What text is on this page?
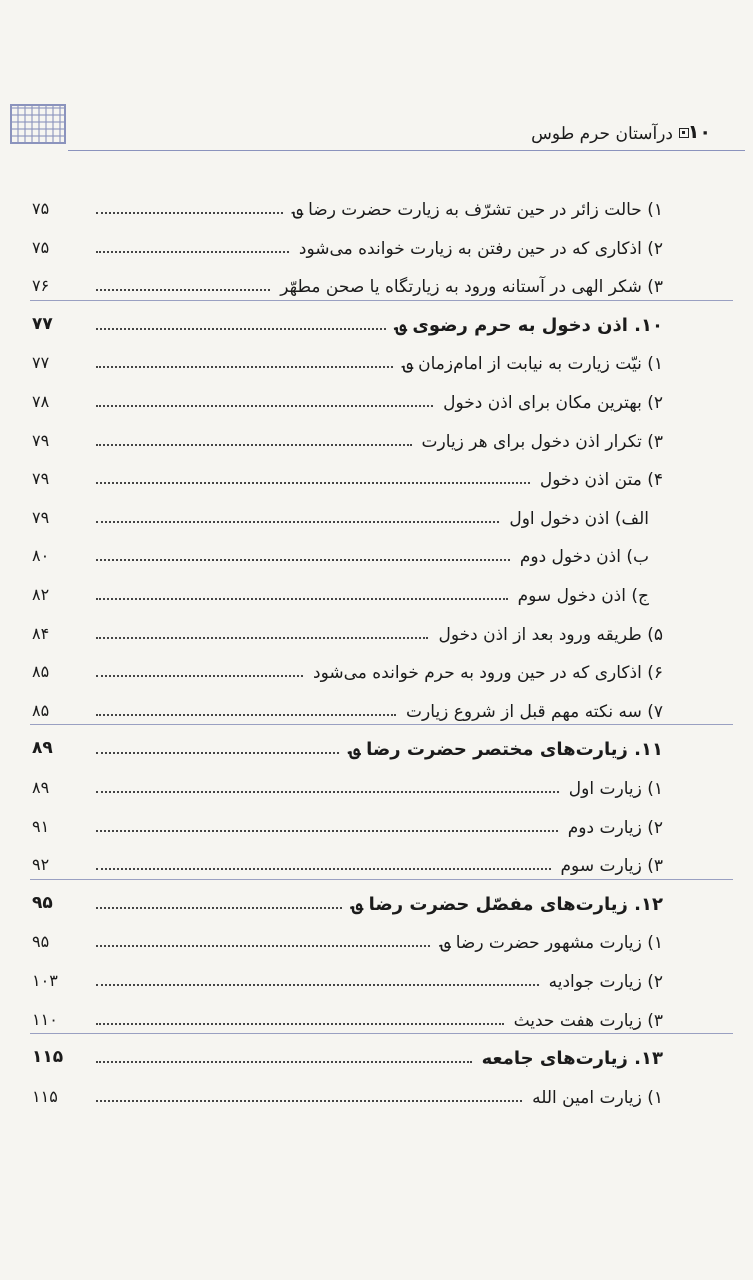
۱۰
درآستان حرم طوس
۱) حالت زائر در حین تشرّف به زیارت حضرت رضا ؈
۷۵
۲) اذکاری که در حین رفتن به زیارت خوانده می‌شود
۷۵
۳) شکر الهی در آستانه ورود به زیارتگاه یا صحن مطهّر
۷۶
۱۰. اذن دخول به حرم رضوی ؈
۷۷
۱) نیّت زیارت به نیابت از امام‌زمان ؈
۷۷
۲) بهترین مکان برای اذن دخول
۷۸
۳) تکرار اذن دخول برای هر زیارت
۷۹
۴) متن اذن دخول
۷۹
الف) اذن دخول اول
۷۹
ب) اذن دخول دوم
۸۰
ج) اذن دخول سوم
۸۲
۵) طریقه ورود بعد از اذن دخول
۸۴
۶) اذکاری که در حین ورود به حرم خوانده می‌شود
۸۵
۷) سه نکته مهم قبل از شروع زیارت
۸۵
۱۱. زیارت‌های مختصر حضرت رضا ؈
۸۹
۱) زیارت اول
۸۹
۲) زیارت دوم
۹۱
۳) زیارت سوم
۹۲
۱۲. زیارت‌های مفصّل حضرت رضا ؈
۹۵
۱) زیارت مشهور حضرت رضا ؈
۹۵
۲) زیارت جوادیه
۱۰۳
۳) زیارت هفت حدیث
۱۱۰
۱۳. زیارت‌های جامعه
۱۱۵
۱) زیارت امین الله
۱۱۵
